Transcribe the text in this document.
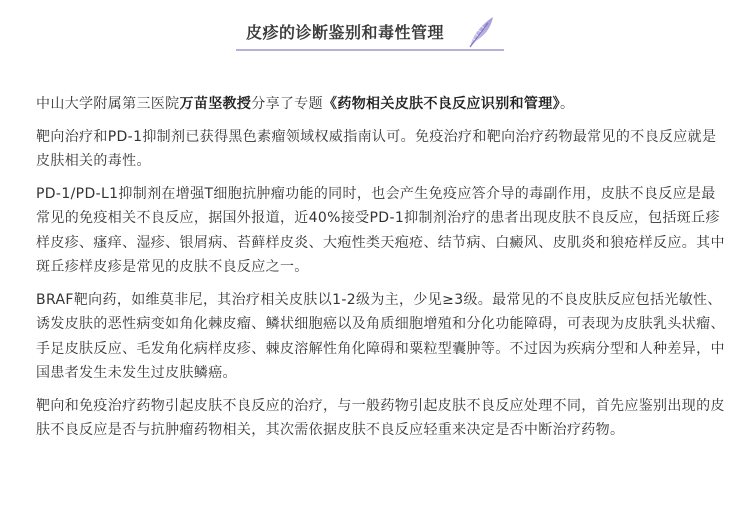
皮疹的诊断鉴别和毒性管理

中山大学附属第三医院万苗坚教授分享了专题《药物相关皮肤不良反应识别和管理》。

靶向治疗和PD-1抑制剂已获得黑色素瘤领域权威指南认可。免疫治疗和靶向治疗药物最常见的不良反应就是皮肤相关的毒性。

PD-1/PD-L1抑制剂在增强T细胞抗肿瘤功能的同时，也会产生免疫应答介导的毒副作用，皮肤不良反应是最常见的免疫相关不良反应，据国外报道，近40%接受PD-1抑制剂治疗的患者出现皮肤不良反应，包括斑丘疹样皮疹、瘙痒、湿疹、银屑病、苔藓样皮炎、大疱性类天疱疮、结节病、白癜风、皮肌炎和狼疮样反应。其中斑丘疹样皮疹是常见的皮肤不良反应之一。

BRAF靶向药，如维莫非尼，其治疗相关皮肤以1-2级为主，少见≥3级。最常见的不良皮肤反应包括光敏性、诱发皮肤的恶性病变如角化棘皮瘤、鳞状细胞癌以及角质细胞增殖和分化功能障碍，可表现为皮肤乳头状瘤、手足皮肤反应、毛发角化病样皮疹、棘皮溶解性角化障碍和粟粒型囊肿等。不过因为疾病分型和人种差异，中国患者发生未发生过皮肤鳞癌。

靶向和免疫治疗药物引起皮肤不良反应的治疗，与一般药物引起皮肤不良反应处理不同，首先应鉴别出现的皮肤不良反应是否与抗肿瘤药物相关，其次需依据皮肤不良反应轻重来决定是否中断治疗药物。
